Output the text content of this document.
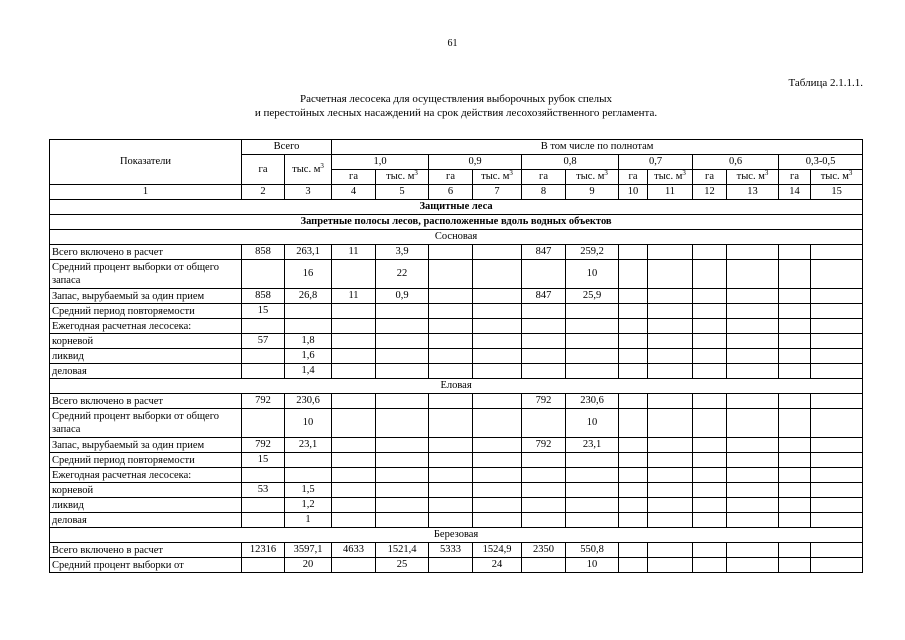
61
Таблица 2.1.1.1.
Расчетная лесосека для осуществления выборочных рубок спелых
и перестойных лесных насаждений на срок действия лесохозяйственного регламента.
Показатели	Всего		В том числе по полнотам											
	га	тыс. $м^3$	1,0		0,9		0,8		0,7		0,6		0,3-0,5	
			га	тыс. $м^3$	га	тыс. $м^3$	га	тыс. $м^3$	га	тыс. $м^3$	га	тыс. $м^3$	га	тыс. $м^3$
1	2	3	4	5	6	7	8	9	10	11	12	13	14	15
Защитные леса														
Запретные полосы лесов, расположенные вдоль водных объектов														
Сосновая														
Всего включено в расчет	858	263,1	11	3,9			847	259,2						
Средний процент выборки от общего запаса		16		22				10						
Запас, вырубаемый за один прием	858	26,8	11	0,9			847	25,9						
Средний период повторяемости	15													
Ежегодная расчетная лесосека:														
корневой	57	1,8												
ликвид		1,6												
деловая		1,4												
Еловая														
Всего включено в расчет	792	230,6					792	230,6						
Средний процент выборки от общего запаса		10						10						
Запас, вырубаемый за один прием	792	23,1					792	23,1						
Средний период повторяемости	15													
Ежегодная расчетная лесосека:														
корневой	53	1,5												
ликвид		1,2												
деловая		1												
Березовая														
Всего включено в расчет	12316	3597,1	4633	1521,4	5333	1524,9	2350	550,8						
Средний процент выборки от		20		25		24		10						
